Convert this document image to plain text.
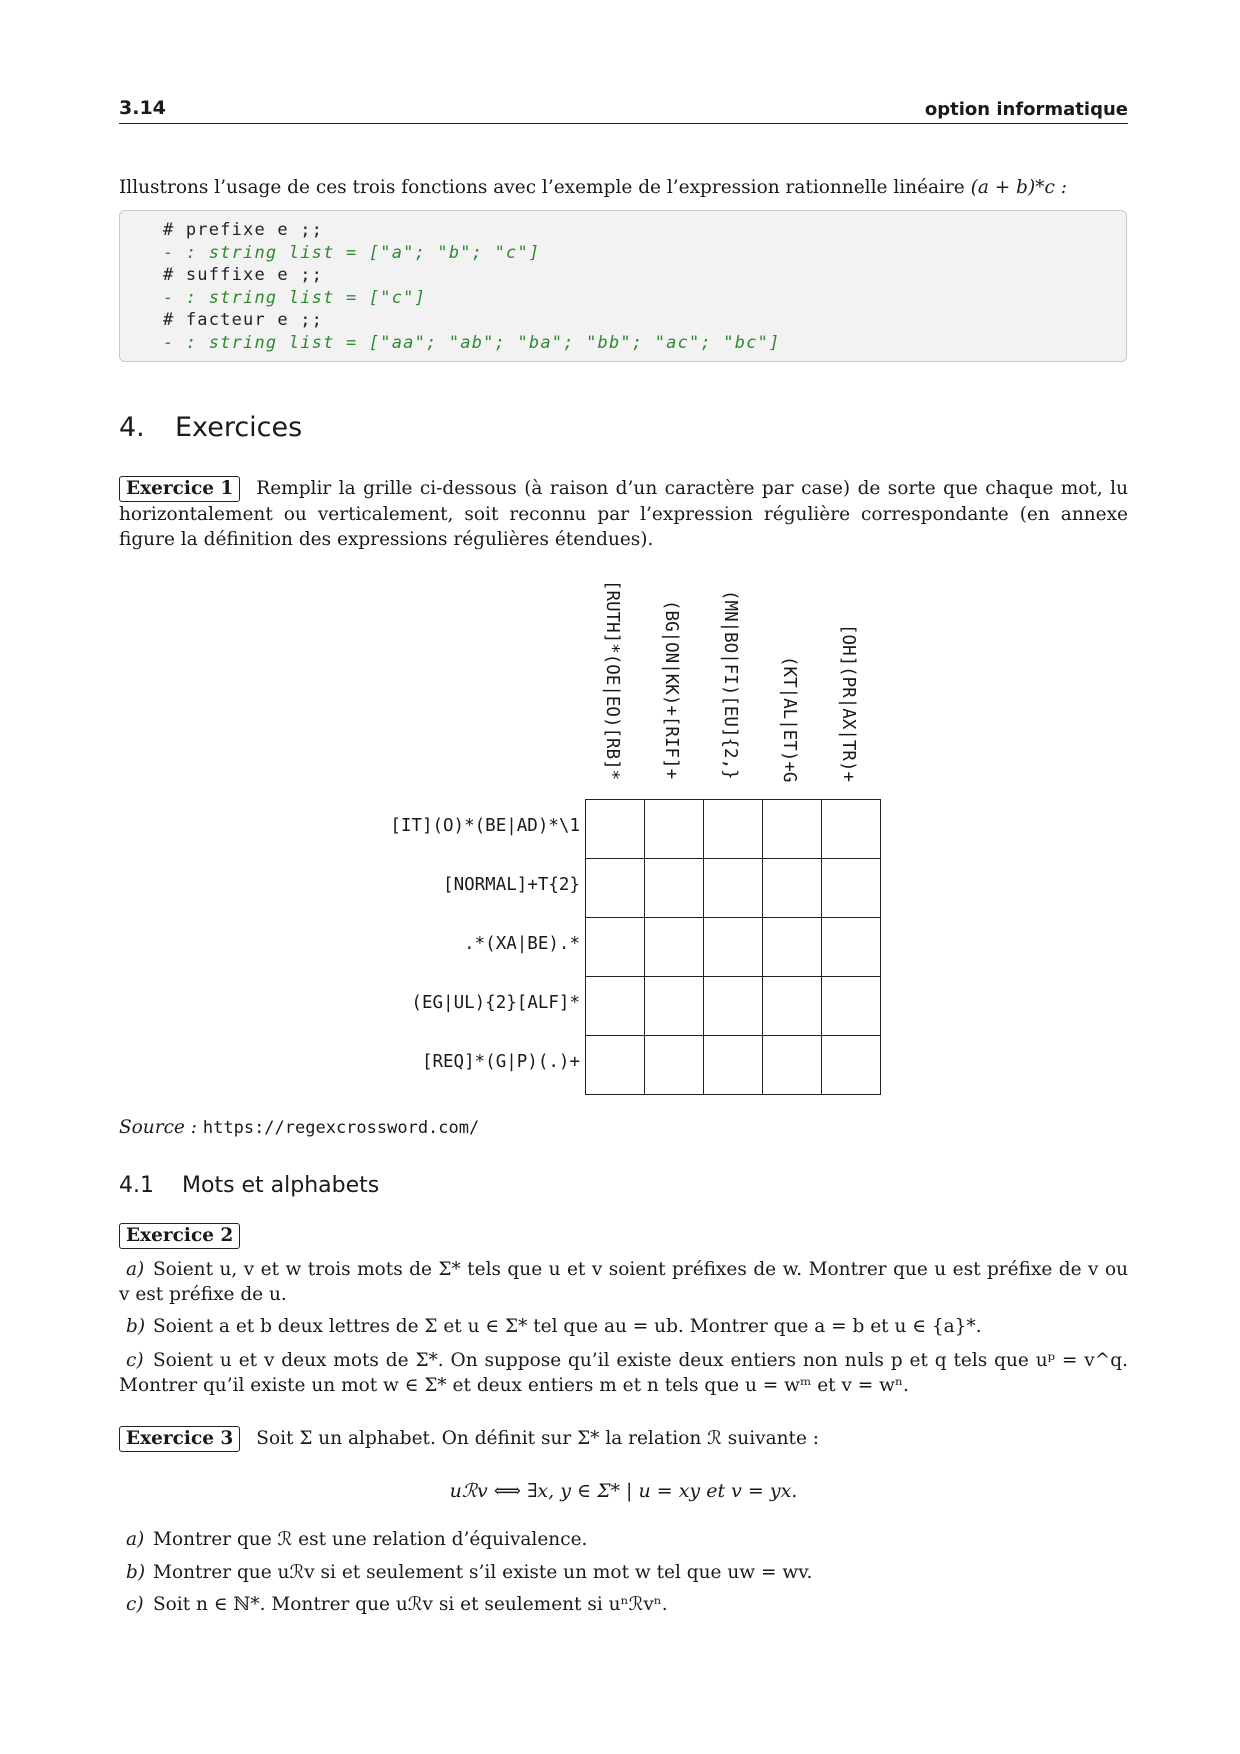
3.14	option informatique
Illustrons l’usage de ces trois fonctions avec l’exemple de l’expression rationnelle linéaire (a + b)*c :
# prefixe e ;;
- : string list = ["a"; "b"; "c"]
# suffixe e ;;
- : string list = ["c"]
# facteur e ;;
- : string list = ["aa"; "ab"; "ba"; "bb"; "ac"; "bc"]
4. Exercices
Exercice 1 Remplir la grille ci-dessous (à raison d’un caractère par case) de sorte que chaque mot, lu horizontalement ou verticalement, soit reconnu par l’expression régulière correspondante (en annexe figure la définition des expressions régulières étendues).
[RUTH]*(OE|EO)[RB]* (BG|ON|KK)+[RIF]+ (MN|BO|FI)[EU]{2,} (KT|AL|ET)+G [OH](PR|AX|TR)+
[IT](O)*(BE|AD)*\1
[NORMAL]+T{2}
.*(XA|BE).*
(EG|UL){2}[ALF]*
[REQ]*(G|P)(.)+

Source : https://regexcrossword.com/
4.1 Mots et alphabets
Exercice 2
a) Soient u, v et w trois mots de Σ* tels que u et v soient préfixes de w. Montrer que u est préfixe de v ou v est préfixe de u.
b) Soient a et b deux lettres de Σ et u ∈ Σ* tel que au = ub. Montrer que a = b et u ∈ {a}*.
c) Soient u et v deux mots de Σ*. On suppose qu’il existe deux entiers non nuls p et q tels que uᵖ = v^q. Montrer qu’il existe un mot w ∈ Σ* et deux entiers m et n tels que u = wᵐ et v = wⁿ.
Exercice 3 Soit Σ un alphabet. On définit sur Σ* la relation ℛ suivante :
uℛv ⟺ ∃x, y ∈ Σ* | u = xy et v = yx.
a) Montrer que ℛ est une relation d’équivalence.
b) Montrer que uℛv si et seulement s’il existe un mot w tel que uw = wv.
c) Soit n ∈ ℕ*. Montrer que uℛv si et seulement si uⁿℛvⁿ.
